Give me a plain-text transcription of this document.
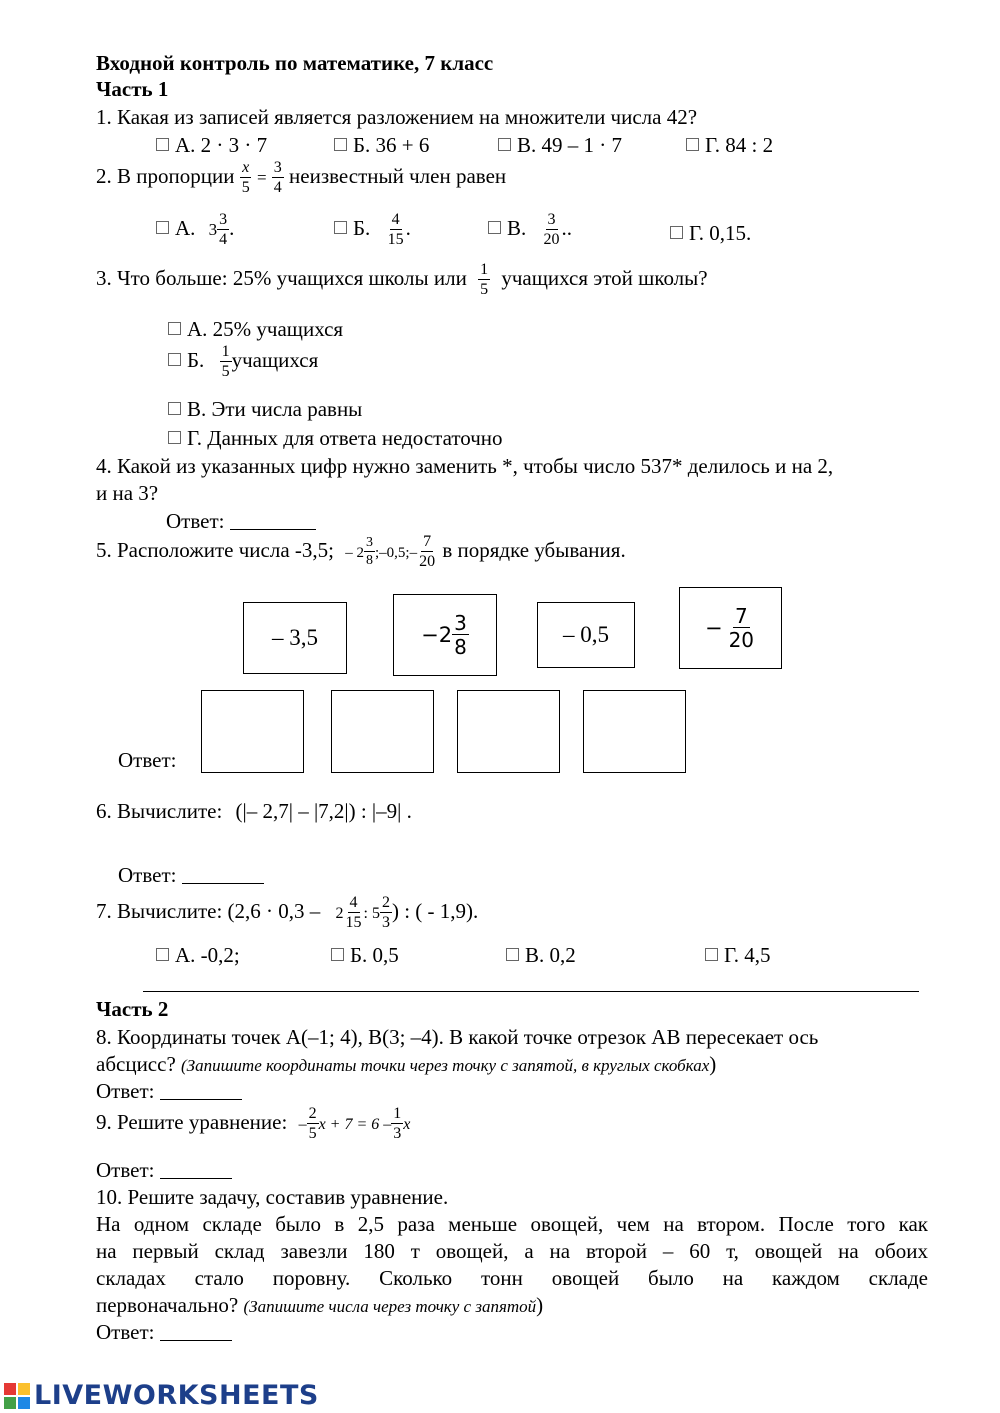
Входной контроль по математике, 7 класс
Часть 1
1. Какая из записей является разложением на множители числа 42?
А. 2 · 3 · 7	Б. 36 + 6	В. 49 – 1 · 7	Г. 84 : 2
2. В пропорции $\frac{x}{5} = \frac{3}{4}$ неизвестный член равен
А. $3 \frac{3}{4}$ .	Б. $\frac{4}{15}$ .	В. $\frac{3}{20}$ ..	Г. 0,15.
3. Что больше: 25% учащихся школы или $\frac{1}{5}$ учащихся этой школы?
А. 25% учащихся
Б. $\frac{1}{5}$ учащихся
В. Эти числа равны
Г. Данных для ответа недостаточно
4. Какой из указанных цифр нужно заменить *, чтобы число 537* делилось и на 2,
и на 3?
Ответ:
5. Расположите числа -3,5; – $2 \frac{3}{8}$ ;–0,5;– $\frac{7}{20}$ в порядке убывания.
– 3,5	$-2 \frac{3}{8}$	– 0,5	− $\frac{7}{20}$
Ответ:
6. Вычислите: (|– 2,7| – |7,2|) : |–9| .
Ответ:
7. Вычислите: ($2,6 \cdot 0,3 - 2 \frac{4}{15}$ : $5 \frac{2}{3}$ ) : ( - 1,9).
А. -0,2;	Б. 0,5	В. 0,2	Г. 4,5
Часть 2
8. Координаты точек А(–1; 4), В(3; –4). В какой точке отрезок АВ пересекает ось
абсцисс? (Запишите координаты точки через точку с запятой, в круглых скобках)
Ответ:
9. Решите уравнение: – $\frac{2}{5}$ $x + 7 = 6 - \frac{1}{3}$ x
Ответ:
10. Решите задачу, составив уравнение.
На одном складе было в 2,5 раза меньше овощей, чем на втором. После того как
на первый склад завезли 180 т овощей, а на второй – 60 т, овощей на обоих
складах стало поровну. Сколько тонн овощей было на каждом складе
первоначально? (Запишите числа через точку с запятой)
Ответ:
LIVEWORKSHEETS
